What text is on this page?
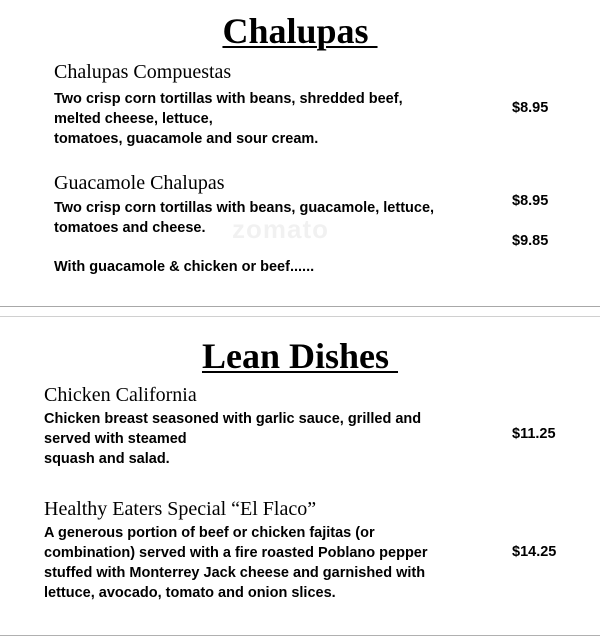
Chalupas
Chalupas Compuestas
Two crisp corn tortillas with beans, shredded beef,
melted cheese, lettuce,
tomatoes, guacamole and sour cream.
$8.95
Guacamole Chalupas
Two crisp corn tortillas with beans, guacamole, lettuce,
tomatoes and cheese.
$8.95
$9.85
With guacamole & chicken or beef......
zomato
Lean Dishes
Chicken California
Chicken breast seasoned with garlic sauce, grilled and
served with steamed
squash and salad.
$11.25
Healthy Eaters Special “El Flaco”
A generous portion of beef or chicken fajitas (or
combination) served with a fire roasted Poblano pepper
stuffed with Monterrey Jack cheese and garnished with
lettuce, avocado, tomato and onion slices.
$14.25
